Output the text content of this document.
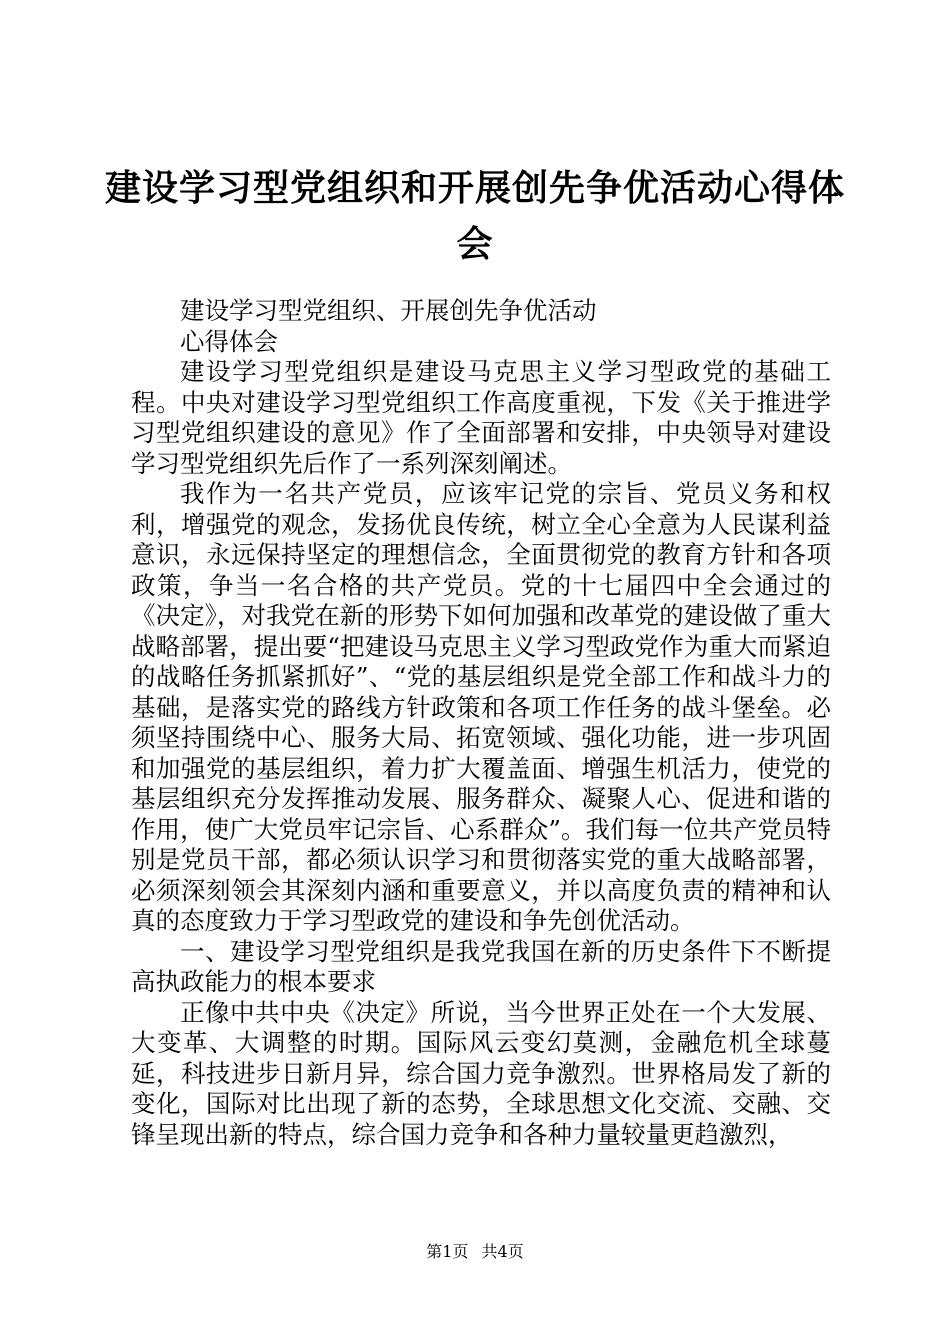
建设学习型党组织和开展创先争优活动心得体会

建设学习型党组织、开展创先争优活动

心得体会

建设学习型党组织是建设马克思主义学习型政党的基础工程。中央对建设学习型党组织工作高度重视，下发《关于推进学习型党组织建设的意见》作了全面部署和安排，中央领导对建设学习型党组织先后作了一系列深刻阐述。

我作为一名共产党员，应该牢记党的宗旨、党员义务和权利，增强党的观念，发扬优良传统，树立全心全意为人民谋利益意识，永远保持坚定的理想信念，全面贯彻党的教育方针和各项政策，争当一名合格的共产党员。党的十七届四中全会通过的《决定》，对我党在新的形势下如何加强和改革党的建设做了重大战略部署，提出要“把建设马克思主义学习型政党作为重大而紧迫的战略任务抓紧抓好”、“党的基层组织是党全部工作和战斗力的基础，是落实党的路线方针政策和各项工作任务的战斗堡垒。必须坚持围绕中心、服务大局、拓宽领域、强化功能，进一步巩固和加强党的基层组织，着力扩大覆盖面、增强生机活力，使党的基层组织充分发挥推动发展、服务群众、凝聚人心、促进和谐的作用，使广大党员牢记宗旨、心系群众”。我们每一位共产党员特别是党员干部，都必须认识学习和贯彻落实党的重大战略部署，必须深刻领会其深刻内涵和重要意义，并以高度负责的精神和认真的态度致力于学习型政党的建设和争先创优活动。

一、建设学习型党组织是我党我国在新的历史条件下不断提高执政能力的根本要求

正像中共中央《决定》所说，当今世界正处在一个大发展、大变革、大调整的时期。国际风云变幻莫测，金融危机全球蔓延，科技进步日新月异，综合国力竞争激烈。世界格局发了新的变化，国际对比出现了新的态势，全球思想文化交流、交融、交锋呈现出新的特点，综合国力竞争和各种力量较量更趋激烈，

第1页 共4页
